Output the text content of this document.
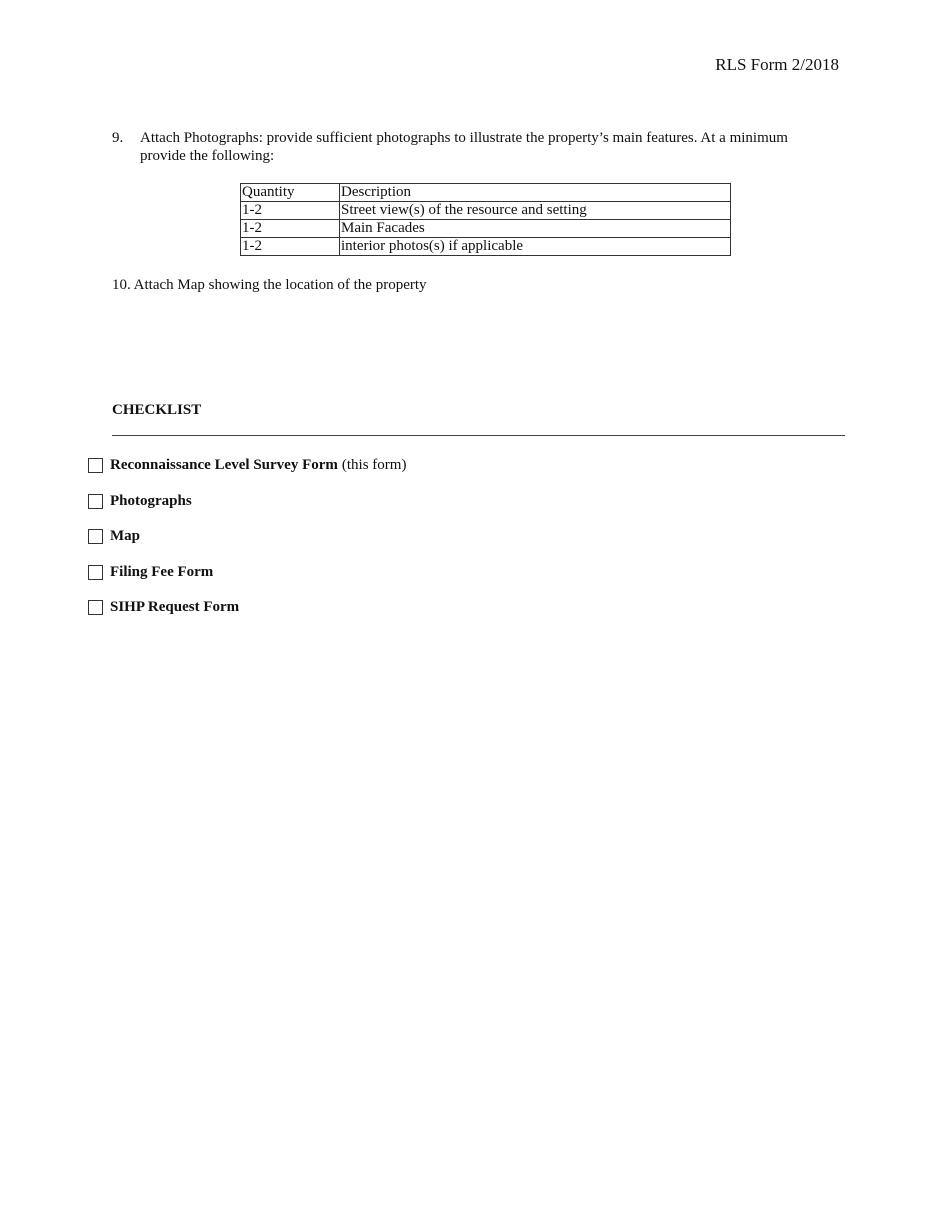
RLS Form 2/2018
9. Attach Photographs: provide sufficient photographs to illustrate the property’s main features. At a minimum provide the following:
Quantity	Description
1-2	Street view(s) of the resource and setting
1-2	Main Facades
1-2	interior photos(s) if applicable
10. Attach Map showing the location of the property
CHECKLIST
Reconnaissance Level Survey Form (this form)
Photographs
Map
Filing Fee Form
SIHP Request Form
